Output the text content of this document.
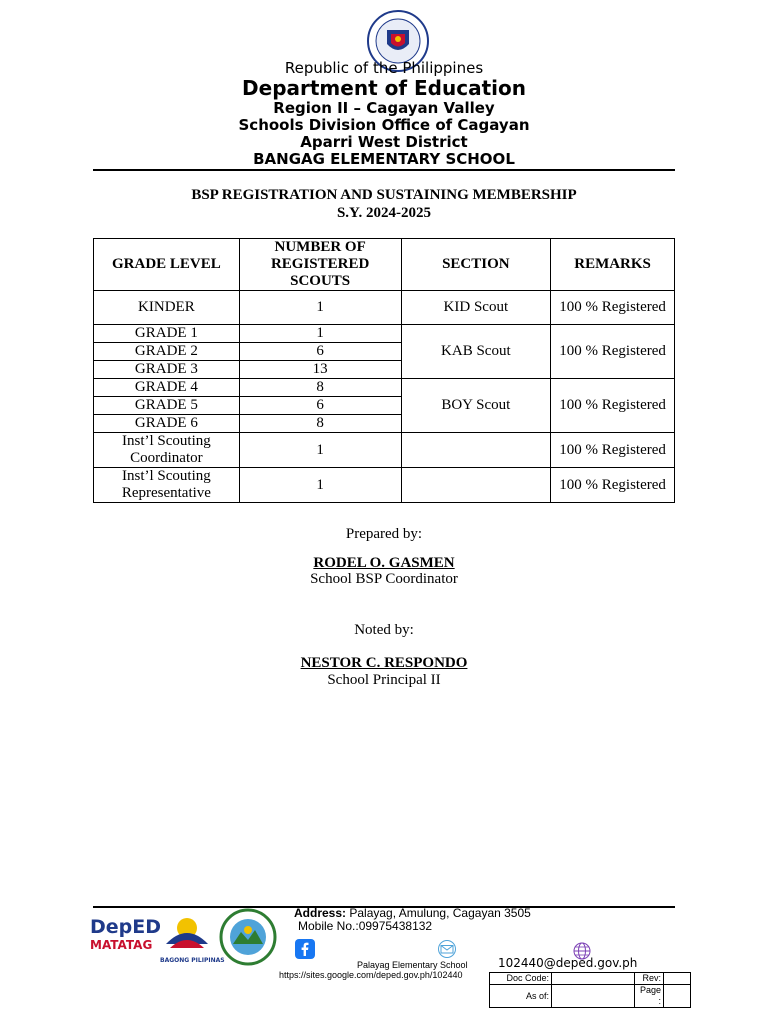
Republic of the Philippines
Department of Education
Region II – Cagayan Valley
Schools Division Office of Cagayan
Aparri West District
BANGAG ELEMENTARY SCHOOL
BSP REGISTRATION AND SUSTAINING MEMBERSHIP
S.Y. 2024-2025
GRADE LEVEL	NUMBER OF REGISTERED SCOUTS	SECTION	REMARKS
KINDER	1	KID Scout	100 % Registered
GRADE 1	1	KAB Scout	100 % Registered
GRADE 2	6		
GRADE 3	13		
GRADE 4	8	BOY Scout	100 % Registered
GRADE 5	6		
GRADE 6	8		
Inst’l Scouting Coordinator	1		100 % Registered
Inst’l Scouting Representative	1		100 % Registered
Prepared by:
RODEL O. GASMEN
School BSP Coordinator
Noted by:
NESTOR C. RESPONDO
School Principal II
DepED
MATATAG
BAGONG PILIPINAS
Address: Palayag, Amulung, Cagayan 3505
Mobile No.:09975438132
Palayag Elementary School
https://sites.google.com/deped.gov.ph/102440
102440@deped.gov.ph
Doc Code:		Rev:	
As of:		Page :	
